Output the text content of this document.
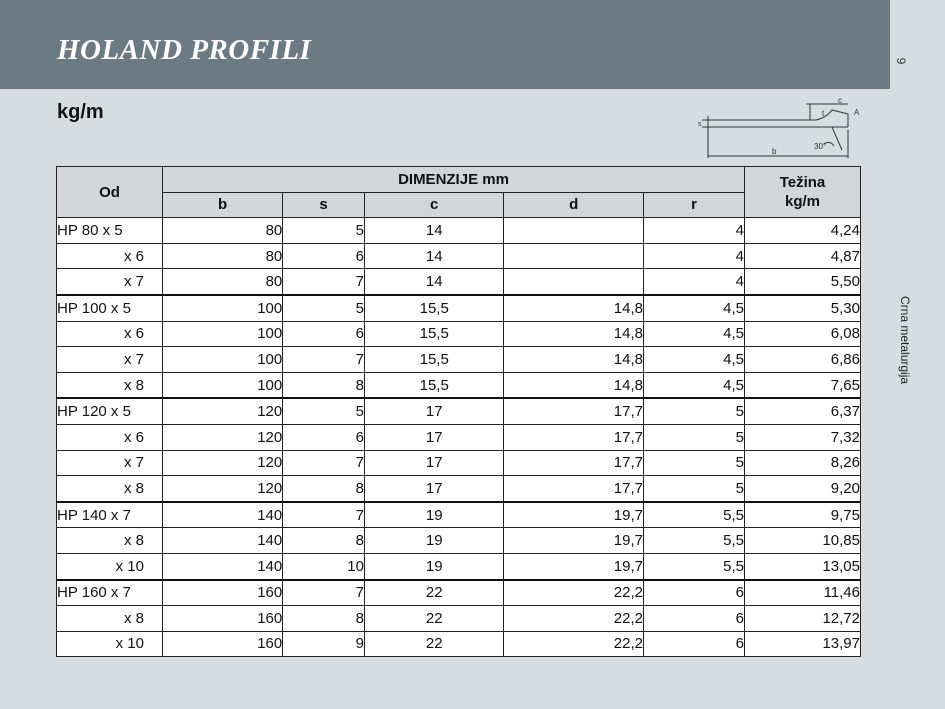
HOLAND PROFILI	9
kg/m
Crna metalurgija
t	A
30°
b
c
s
Od	DIMENZIJE mm					Težina
kg/m

	b	s	c	d	r	
HP 80 x 5	80	5	14		4	4,24
x 6	80	6	14		4	4,87
x 7	80	7	14		4	5,50
HP 100 x 5	100	5	15,5	14,8	4,5	5,30
x 6	100	6	15,5	14,8	4,5	6,08
x 7	100	7	15,5	14,8	4,5	6,86
x 8	100	8	15,5	14,8	4,5	7,65
HP 120 x 5	120	5	17	17,7	5	6,37
x 6	120	6	17	17,7	5	7,32
x 7	120	7	17	17,7	5	8,26
x 8	120	8	17	17,7	5	9,20
HP 140 x 7	140	7	19	19,7	5,5	9,75
x 8	140	8	19	19,7	5,5	10,85
x 10	140	10	19	19,7	5,5	13,05
HP 160 x 7	160	7	22	22,2	6	11,46
x 8	160	8	22	22,2	6	12,72
x 10	160	9	22	22,2	6	13,97
